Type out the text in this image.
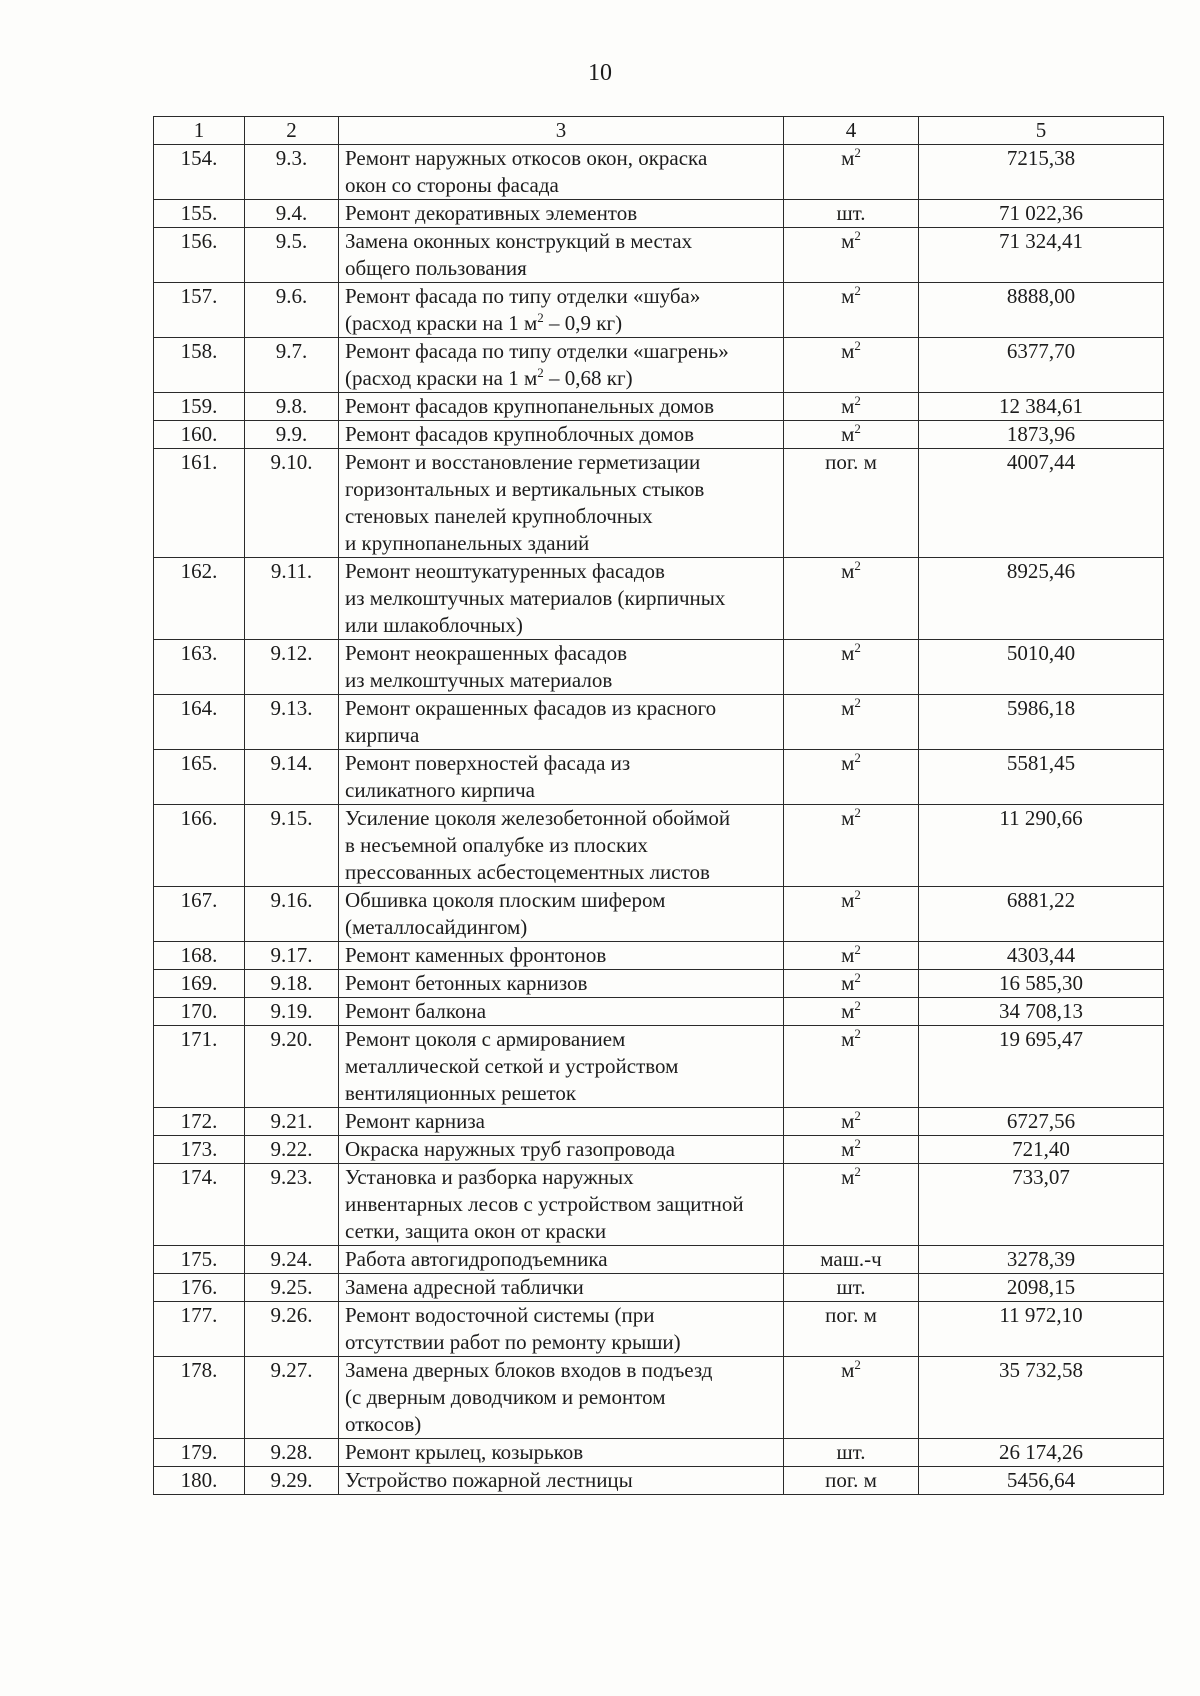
10
1	2	3	4	5
154.	9.3.	Ремонт наружных откосов окон, окраска
окон со стороны фасада	$м^2$	7215,38
155.	9.4.	Ремонт декоративных элементов	шт.	71 022,36
156.	9.5.	Замена оконных конструкций в местах
общего пользования	$м^2$	71 324,41
157.	9.6.	Ремонт фасада по типу отделки «шуба»
(расход краски на 1 $м^2 - 0,9$ кг)	$м^2$	8888,00
158.	9.7.	Ремонт фасада по типу отделки «шагрень»
(расход краски на 1 $м^2 - 0,68$ кг)	$м^2$	6377,70
159.	9.8.	Ремонт фасадов крупнопанельных домов	$м^2$	12 384,61
160.	9.9.	Ремонт фасадов крупноблочных домов	$м^2$	1873,96
161.	9.10.	Ремонт и восстановление герметизации
горизонтальных и вертикальных стыков
стеновых панелей крупноблочных
и крупнопанельных зданий	пог. м	4007,44
162.	9.11.	Ремонт неоштукатуренных фасадов
из мелкоштучных материалов (кирпичных
или шлакоблочных)	$м^2$	8925,46
163.	9.12.	Ремонт неокрашенных фасадов
из мелкоштучных материалов	$м^2$	5010,40
164.	9.13.	Ремонт окрашенных фасадов из красного
кирпича	$м^2$	5986,18
165.	9.14.	Ремонт поверхностей фасада из
силикатного кирпича	$м^2$	5581,45
166.	9.15.	Усиление цоколя железобетонной обоймой
в несъемной опалубке из плоских
прессованных асбестоцементных листов	$м^2$	11 290,66
167.	9.16.	Обшивка цоколя плоским шифером
(металлосайдингом)	$м^2$	6881,22
168.	9.17.	Ремонт каменных фронтонов	$м^2$	4303,44
169.	9.18.	Ремонт бетонных карнизов	$м^2$	16 585,30
170.	9.19.	Ремонт балкона	$м^2$	34 708,13
171.	9.20.	Ремонт цоколя с армированием
металлической сеткой и устройством
вентиляционных решеток	$м^2$	19 695,47
172.	9.21.	Ремонт карниза	$м^2$	6727,56
173.	9.22.	Окраска наружных труб газопровода	$м^2$	721,40
174.	9.23.	Установка и разборка наружных
инвентарных лесов с устройством защитной
сетки, защита окон от краски	$м^2$	733,07
175.	9.24.	Работа автогидроподъемника	маш.-ч	3278,39
176.	9.25.	Замена адресной таблички	шт.	2098,15
177.	9.26.	Ремонт водосточной системы (при
отсутствии работ по ремонту крыши)	пог. м	11 972,10
178.	9.27.	Замена дверных блоков входов в подъезд
(с дверным доводчиком и ремонтом
откосов)	$м^2$	35 732,58
179.	9.28.	Ремонт крылец, козырьков	шт.	26 174,26
180.	9.29.	Устройство пожарной лестницы	пог. м	5456,64
